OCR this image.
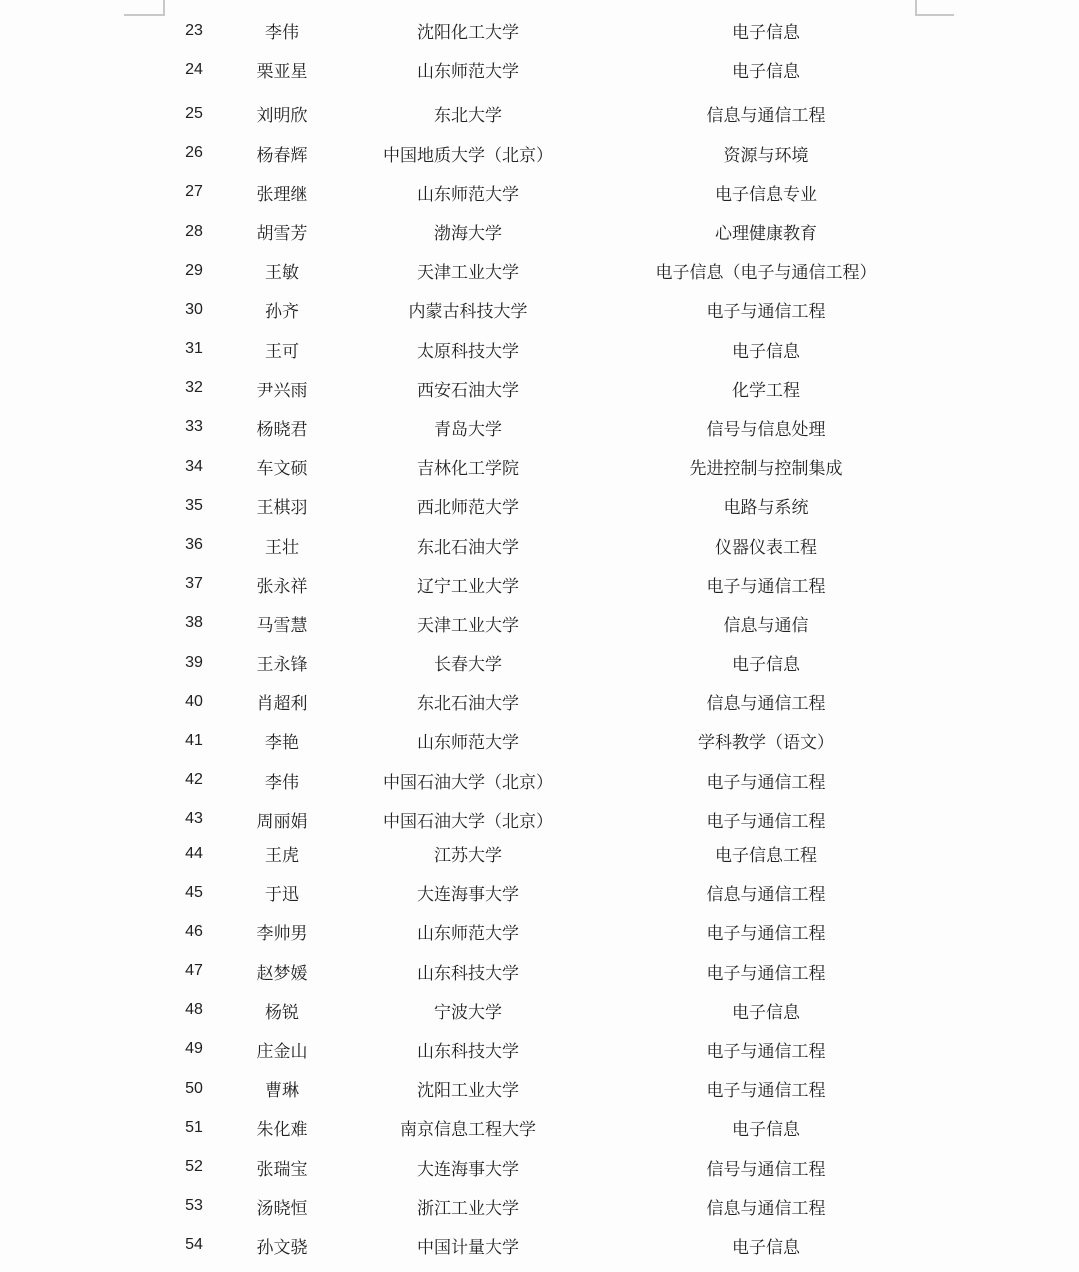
23	李伟	沈阳化工大学	电子信息
24	栗亚星	山东师范大学	电子信息
25	刘明欣	东北大学	信息与通信工程
26	杨春辉	中国地质大学（北京）	资源与环境
27	张理继	山东师范大学	电子信息专业
28	胡雪芳	渤海大学	心理健康教育
29	王敏	天津工业大学	电子信息（电子与通信工程）
30	孙齐	内蒙古科技大学	电子与通信工程
31	王可	太原科技大学	电子信息
32	尹兴雨	西安石油大学	化学工程
33	杨晓君	青岛大学	信号与信息处理
34	车文硕	吉林化工学院	先进控制与控制集成
35	王棋羽	西北师范大学	电路与系统
36	王壮	东北石油大学	仪器仪表工程
37	张永祥	辽宁工业大学	电子与通信工程
38	马雪慧	天津工业大学	信息与通信
39	王永锋	长春大学	电子信息
40	肖超利	东北石油大学	信息与通信工程
41	李艳	山东师范大学	学科教学（语文）
42	李伟	中国石油大学（北京）	电子与通信工程
43	周丽娟	中国石油大学（北京）	电子与通信工程
44	王虎	江苏大学	电子信息工程
45	于迅	大连海事大学	信息与通信工程
46	李帅男	山东师范大学	电子与通信工程
47	赵梦媛	山东科技大学	电子与通信工程
48	杨锐	宁波大学	电子信息
49	庄金山	山东科技大学	电子与通信工程
50	曹琳	沈阳工业大学	电子与通信工程
51	朱化难	南京信息工程大学	电子信息
52	张瑞宝	大连海事大学	信号与通信工程
53	汤晓恒	浙江工业大学	信息与通信工程
54	孙文骁	中国计量大学	电子信息
